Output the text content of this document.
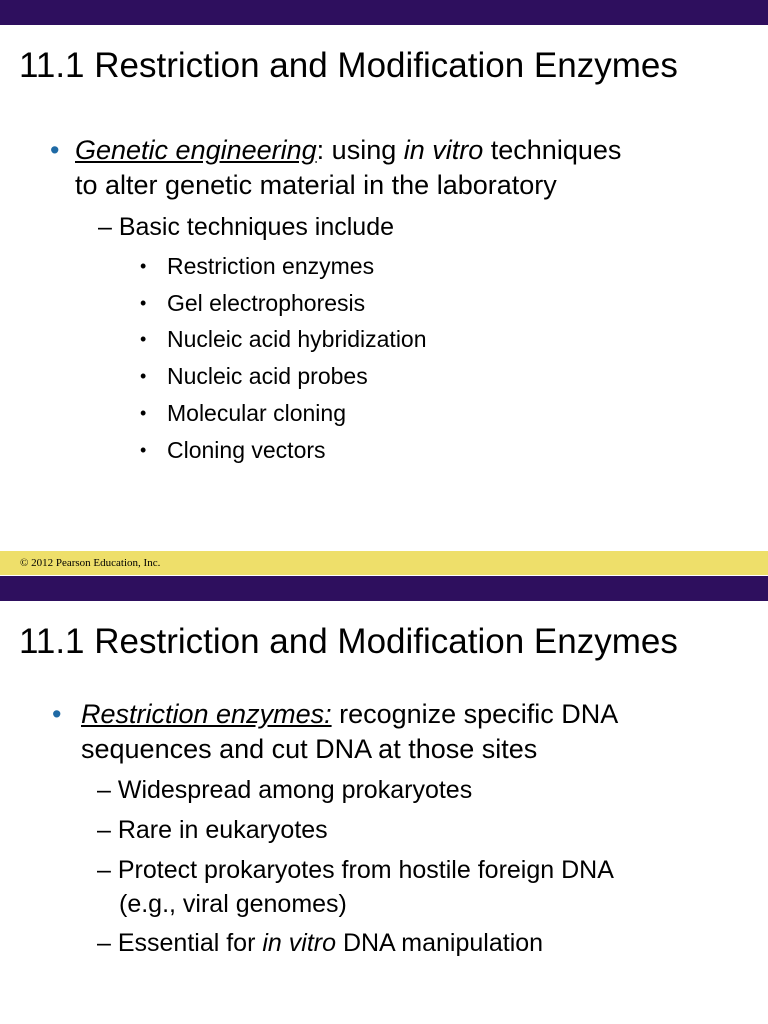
11.1 Restriction and Modification Enzymes
• Genetic engineering: using in vitro techniques
to alter genetic material in the laboratory
– Basic techniques include
• Restriction enzymes
• Gel electrophoresis
• Nucleic acid hybridization
• Nucleic acid probes
• Molecular cloning
• Cloning vectors
© 2012 Pearson Education, Inc.
11.1 Restriction and Modification Enzymes
• Restriction enzymes: recognize specific DNA
sequences and cut DNA at those sites
– Widespread among prokaryotes
– Rare in eukaryotes
– Protect prokaryotes from hostile foreign DNA
(e.g., viral genomes)
– Essential for in vitro DNA manipulation
